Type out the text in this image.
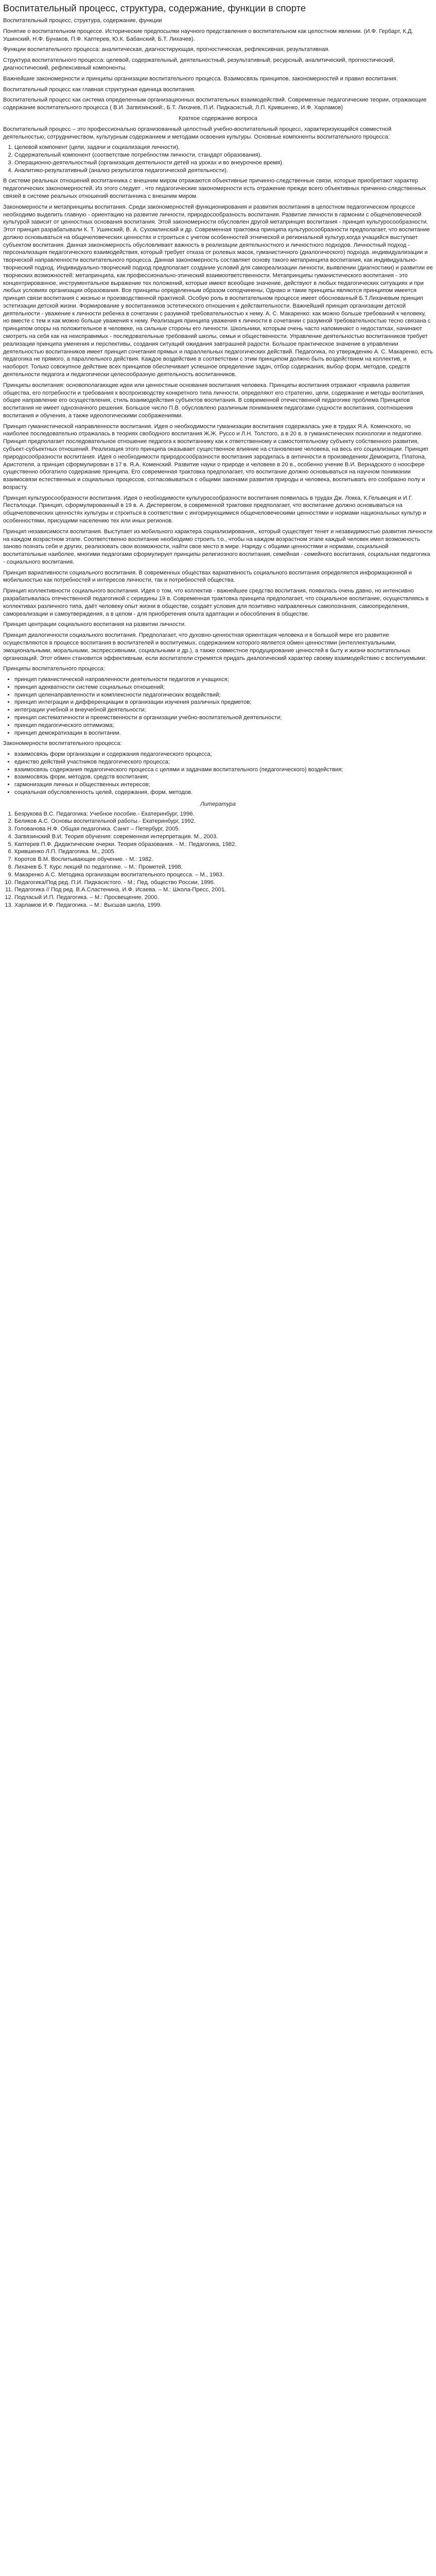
Воспитательный процесс, структура, содержание, функции в спорте

Воспитательный процесс, структура, содержание, функции

Понятие о воспитательном процессе. Исторические предпосылки научного представления о воспитательном как целостном явлении. (И.Ф. Гербарт, К.Д. Ушинский, Н.Ф. Бунаков, П.Ф. Каптерев, Ю.К. Бабанский, Б.Т. Лихачев).

Функции воспитательного процесса: аналитическая, диагностирующая, прогностическая, рефлексивная, результативная.

Структура воспитательного процесса: целевой, содержательный, деятельностный, результативный, ресурсный, аналитический, прогностический, диагностический, рефлексивный компоненты.

Важнейшие закономерности и принципы организации воспитательного процесса. Взаимосвязь принципов, закономерностей и правил воспитания.

Воспитательный процесс как главная структурная единица воспитания.

Воспитательный процесс как система определенным организационных воспитательных взаимодействий. Современные педагогические теории, отражающие содержание воспитательного процесса ( В.И. Загвязинский:, Б.Т. Лихачев, П.И. Пидкасистый, Л.П. Крившенко, И.Ф. Харламов)

Краткое содержание вопроса

Воспитательный процесс – это профессионально организованный целостный учебно-воспитательный процесс, характеризующийся совместной деятельностью, сотрудничеством, культурным содержанием и методами освоения культуры. Основные компоненты воспитательного процесса:

1. Целевой компонент (цели, задачи и социализация личности).
2. Содержательный компонент (соответствие потребностям личности, стандарт образования).
3. Операционно-деятельностный (организация деятельности детей на уроках и во внеурочное время).
4. Аналитико-результативный (анализ результатов педагогической деятельности).

В системе реальных отношений воспитанника с внешним миром отражаются объективные причинно-следственные связи, которые приобретают характер педагогических закономерностей. Из этого следует , что педагогические закономерности есть отражение прежде всего объективных причинно-следственных связей в системе реальных отношений воспитанника с внешним миром.

Закономерности и метапринципы воспитания. Среди закономерностей функционирования и развития воспитания в целостном педагогическом процессе необходимо выделить главную - ориентацию на развитие личности, природосообразность воспитания. Развитие личности в гармонии с общечеловеческой культурой зависит от ценностных основания воспитания. Этой закономерности обусловлен другой метапринцип воспитания - принцип культуросообразности. Этот принцип разрабатывали К. Т. Ушинский, В. А. Сухомлинский и др. Современная трактовка принципа культуросообразности предполагает, что воспитание должно основываться на общечеловеческих ценностях и строиться с учетом особенностей этнической и региональной культур,когда учащийся выступает субъектом воспитания. Данная закономерность обусловливает важность в реализации деятельностного и личностного подходов. Личностный подход - персонализация педагогического взаимодействия, который требует отказа от ролевых масок, гуманистичного (диалогического) подхода. индивидуализации и творческой направленности воспитательного процесса. Данная закономерность составляет основу такого метапринципа воспитания, как индивидуально-творческий подход. Индивидуально-творческий подход предполагает создание условий для самореализации личности, выявлении (диагностики) и развитии ее творческих возможностей: метапринципа, как профессионально-этический взаимоответственности. Метапринципы гуманистического воспитания - это концентрированное, инструментальное выражение тех положений, которые имеют всеобщее значение, действуют в любых педагогических ситуациях и при любых условиях организации образования. Все принципы определенным образом соподчинены, Однако и такие принципы являются принципом имеется принцип связи воспитания с жизнью и производственной практикой. Особую роль в воспитательном процессе имеет обоснованный Б.Т.Лихачевым принцип эстетизации детской жизни. Формирование у воспитанников эстетического отношения к действительности. Важнейший принцип организации детской деятельности - уважение к личности ребенка в сочетании с разумной требовательностью к нему. А. С. Макаренко: как можно больше требований к человеку, но вместе с тем и как можно больше уважения к нему. Реализация принципа уважения к личности в сочетании с разумной требовательностью тесно связана с принципом опоры на положительное в человеке, на сильные стороны его личности. Школьники, которым очень часто напоминают о недостатках, начинают смотреть на себя как на неисправимых - последовательные требований школы, семьи и общественности. Управление деятельностью воспитанников требует реализации принципа уменения и перспективы, создания ситуаций ожидания завтрашней радости. Большое практическое значение в управлении деятельностью воспитанников имеет принцип сочетания прямых и параллельных педагогических действий. Педагогика, по утверждению А. С. Макаренко, есть педагогика не прямого, а параллельного действия. Каждое воздействие в соответствии с этим принципом должно быть воздействием на коллектив, и наоборот. Только совокупное действие всех принципов обеспечивает успешное определение задач, отбор содержания, выбор форм, методов, средств деятельности педагога и педагогически целесообразную деятельность воспитанников.

Принципы воспитания: основополагающие идеи или ценностные основания воспитания человека. Принципы воспитания отражают «правила развития общества, его потребности и требования к воспроизводству конкретного типа личности, определяют его стратегию, цели, содержание и методы воспитания, общее направление его осуществления, стиль взаимодействия субъектов воспитания. В современной отечественной педагогике проблема Принципов воспитания не имеет однозначного решения. Большое число П.В. обусловлено различным пониманием педагогами сущности воспитания, соотношения воспитания и обучения, а также идеологическими соображениями.

Принцип гуманистической направленности воспитания. Идея о необходимости гуманизации воспитания содержалась уже в трудах Я.А. Коменского, но наиболее последовательно отражалась в теориях свободного воспитания Ж.Ж. Руссо и Л.Н. Толстого, а в 20 в. в гуманистических психологии и педагогике. Принцип предполагает последовательное отношение педагога к воспитаннику как к ответственному и самостоятельному субъекту собственного развития, субъект-субъектных отношений. Реализация этого принципа оказывает существенное влияние на становление человека, на весь его социализации. Принцип природосообразности воспитания. Идея о необходимости природосообразности воспитания зародилась в античности в произведениях Демокрита, Платона, Аристотеля, а принцип сформулирован в 17 в. Я.А. Коменский. Развитие науки о природе и человеке в 20 в., особенно учение В.И. Вернадского о ноосфере существенно обогатило содержание принципа. Его современная трактовка предполагает, что воспитание должно основываться на научном понимании взаимосвязи естественных и социальных процессов, согласовываться с общими законами развития природы и человека, воспитывать его сообразно полу и возрасту.

Принцип культуросообразности воспитания. Идея о необходимости культуросообразности воспитания появилась в трудах Дж. Локка, К.Гельвеция и И.Г. Песталоцци. Принцип, сформулированный в 19 в. А. Дистервегом, в современной трактовке предполагает, что воспитание должно основываться на общечеловеческих ценностях культуры и строиться в соответствии с ингорирующимися общечеловеческими ценностями и нормами национальных культур и особенностями, присущими населению тех или иных регионов.

Принцип независимости воспитания. Выступает из мобильного характера социализирования,, который существует тенет и незавидимостью развития личности на каждом возрастном этапе. Соответственно воспитание необходимо строить т.о., чтобы на каждом возрастном этапе каждый человек имел возможность заново познать себя и других, реализовать свои возможности, найти свое место в мире. Наряду с общими ценностями и нормами, социальной воспитательные наиболее, многими педагогами сформулирует принципы религиозного воспитания, семейная - семейного воспитания, социальная педагогика - социального воспитания.

Принцип вариативности социального воспитания. В современных обществах вариативность социального воспитания определяется информационной и мобильностью как потребностей и интересов личности, так и потребностей общества.

Принцип коллективности социального воспитания. Идея о том, что коллектив - важнейшее средство воспитания, появилась очень давно, но интенсивно разрабатывалась отечественной педагогикой с середины 19 в. Современная трактовка принципа предполагает, что социальное воспитание, осуществляясь в коллективах различного типа, даёт человеку опыт жизни в обществе, создаёт условия для позитивно направленных самопознания, самоопределения, самореализации и самоутверждения, а в целом - для приобретения опыта адаптации и обособления в обществе.

Принцип центрации социального воспитания на развитии личности.

Принцип диалогичности социального воспитания. Предполагает, что духовно-ценностная ориентация человека и в большой мере его развитие осуществляются в процессе воспитания в воспитателей и воспитуемых, содержанием которого является обмен ценностями (интеллектуальными, эмоциональными, моральными, экспрессивными, социальными и др.), а также совместное продуцирование ценностей в быту и жизни воспитательных организаций. Этот обмен становится эффективным, если воспитатели стремятся придать диалогический характер своему взаимодействию с воспитуемыми.

Принципы воспитательного процесса:

• принцип гуманистической направленности деятельности педагогов и учащихся;
• принцип адекватности системе социальных отношений;
• принцип целенаправленности и комплексности педагогических воздействий;
• принцип интеграции и дифференциации в организации изучения различных предметов;
• интеграции учебной и внеучебной деятельности;
• принцип систематичности и преемственности в организации учебно-воспитательной деятельности;
• принцип педагогического оптимизма;
• принцип демократизации в воспитании.

Закономерности воспитательного процесса:

• взаимосвязь форм организации и содержания педагогического процесса;
• единство действий участников педагогического процесса;
• взаимосвязь содержания педагогического процесса с целями и задачами воспитательного (педагогического) воздействия;
• взаимосвязь форм, методов, средств воспитания;
• гармонизация личных и общественных интересов;
• социальная обусловленность целей, содержания, форм, методов.

Литература

1. Безрукова В.С. Педагогика: Учебное пособие.- Екатеринбург, 1996.
2. Беликов А.С. Основы воспитательной работы.- Екатеринбург, 1992.
3. Голованова Н.Ф. Общая педагогика. Санкт – Петербург, 2005.
4. Загвязинский В.И. Теория обучения: современная интерпретация. М., 2003.
5. Каптерев П.Ф. Дидактические очерки. Теория образования. - М.: Педагогика, 1982.
6. Крившенко Л.П. Педагогика. М., 2005.
7. Коротов В.М. Воспитывающее обучение. - М.: 1982.
8. Лихачев Б.Т. Курс лекций по педагогике. – М.: Прометей, 1998.
9. Макаренко А.С. Методика организации воспитательного процесса. – М., 1983.
10. Педагогика/Под ред. П.И. Пидкасистого. - М.: Пед. общество России, 1996.
11. Педагогика // Под ред. В.А.Сластенина, И.Ф. Исаева. – М.: Школа-Пресс, 2001.
12. Подласый И.П. Педагогика. – М.: Просвещение, 2000.
13. Харламов И.Ф. Педагогика. – М.: Высшая школа, 1999.
